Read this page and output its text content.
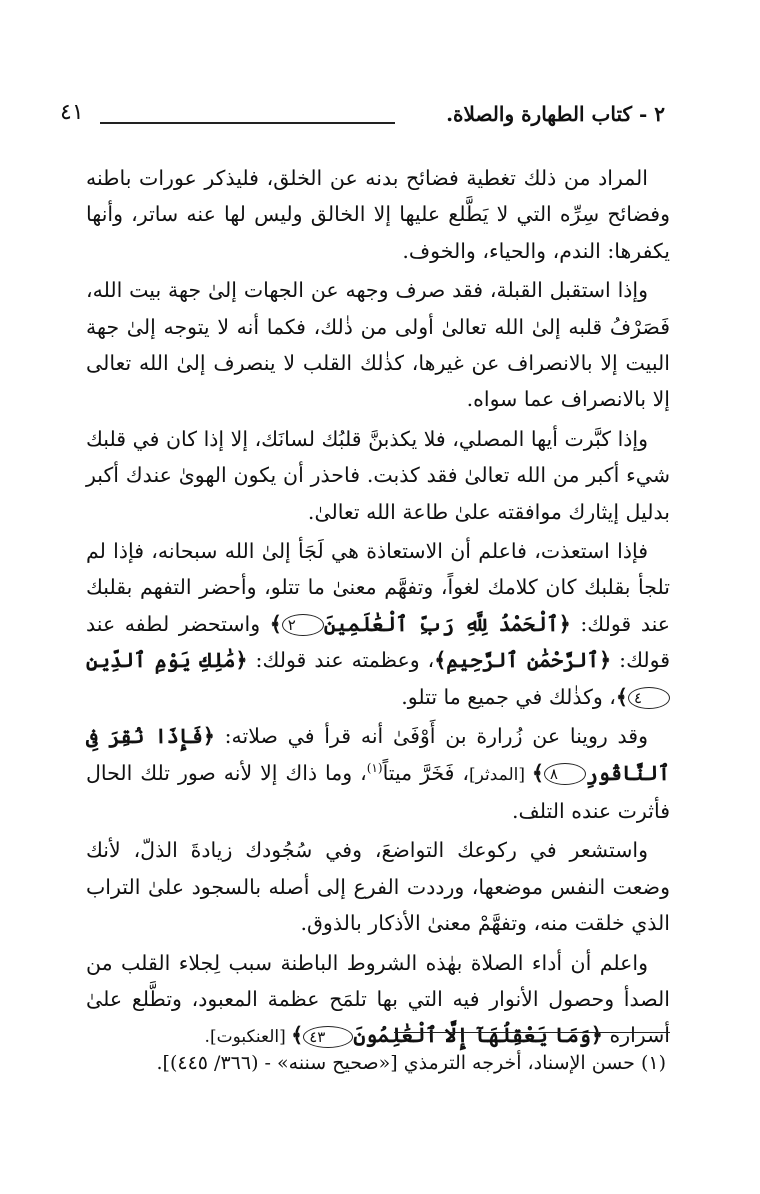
٢ - كتاب الطهارة والصلاة.
٤١

المراد من ذلك تغطية فضائح بدنه عن الخلق، فليذكر عورات باطنه وفضائح سِرِّه التي لا يَطَّلع عليها إلا الخالق وليس لها عنه ساتر، وأنها يكفرها: الندم، والحياء، والخوف.

وإذا استقبل القبلة، فقد صرف وجهه عن الجهات إلىٰ جهة بيت الله، فَصَرْفُ قلبه إلىٰ الله تعالىٰ أولى من ذٰلك، فكما أنه لا يتوجه إلىٰ جهة البيت إلا بالانصراف عن غيرها، كذٰلك القلب لا ينصرف إلىٰ الله تعالى إلا بالانصراف عما سواه.

وإذا كبَّرت أيها المصلي، فلا يكذبنَّ قلبُك لسانَك، إلا إذا كان في قلبك شيء أكبر من الله تعالىٰ فقد كذبت. فاحذر أن يكون الهوىٰ عندك أكبر بدليل إيثارك موافقته علىٰ طاعة الله تعالىٰ.

فإذا استعذت، فاعلم أن الاستعاذة هي لَجَأ إلىٰ الله سبحانه، فإذا لم تلجأ بقلبك كان كلامك لغواً، وتفهَّم معنىٰ ما تتلو، وأحضر التفهم بقلبك عند قولك: ﴿ٱلْحَمْدُ لِلَّهِ رَبِّ ٱلْعَٰلَمِينَ٢﴾ واستحضر لطفه عند قولك: ﴿ٱلرَّحْمَٰنِ ٱلرَّحِيمِ﴾، وعظمته عند قولك: ﴿مَٰلِكِ يَوْمِ ٱلدِّينِ٤﴾، وكذٰلك في جميع ما تتلو.

وقد روينا عن زُرارة بن أَوْفَىٰ أنه قرأ في صلاته: ﴿فَإِذَا نُقِرَ فِى ٱلنَّاقُورِ٨﴾ [المدثر]، فَخَرَّ ميتاً$^{(١)}$، وما ذاك إلا لأنه صور تلك الحال فأثرت عنده التلف.

واستشعر في ركوعك التواضعَ، وفي سُجُودك زيادةَ الذلّ، لأنك وضعت النفس موضعها، ورددت الفرع إلى أصله بالسجود علىٰ التراب الذي خلقت منه، وتفهَّمْ معنىٰ الأذكار بالذوق.

واعلم أن أداء الصلاة بهٰذه الشروط الباطنة سبب لِجلاء القلب من الصدأ وحصول الأنوار فيه التي بها تلمَح عظمة المعبود، وتطَّلع علىٰ أسراره ﴿وَمَا يَعْقِلُهَآ إِلَّا ٱلْعَٰلِمُونَ٤٣﴾ [العنكبوت].

(١) حسن الإسناد، أخرجه الترمذي [«صحيح سننه» - (٣٦٦/ ٤٤٥)].
